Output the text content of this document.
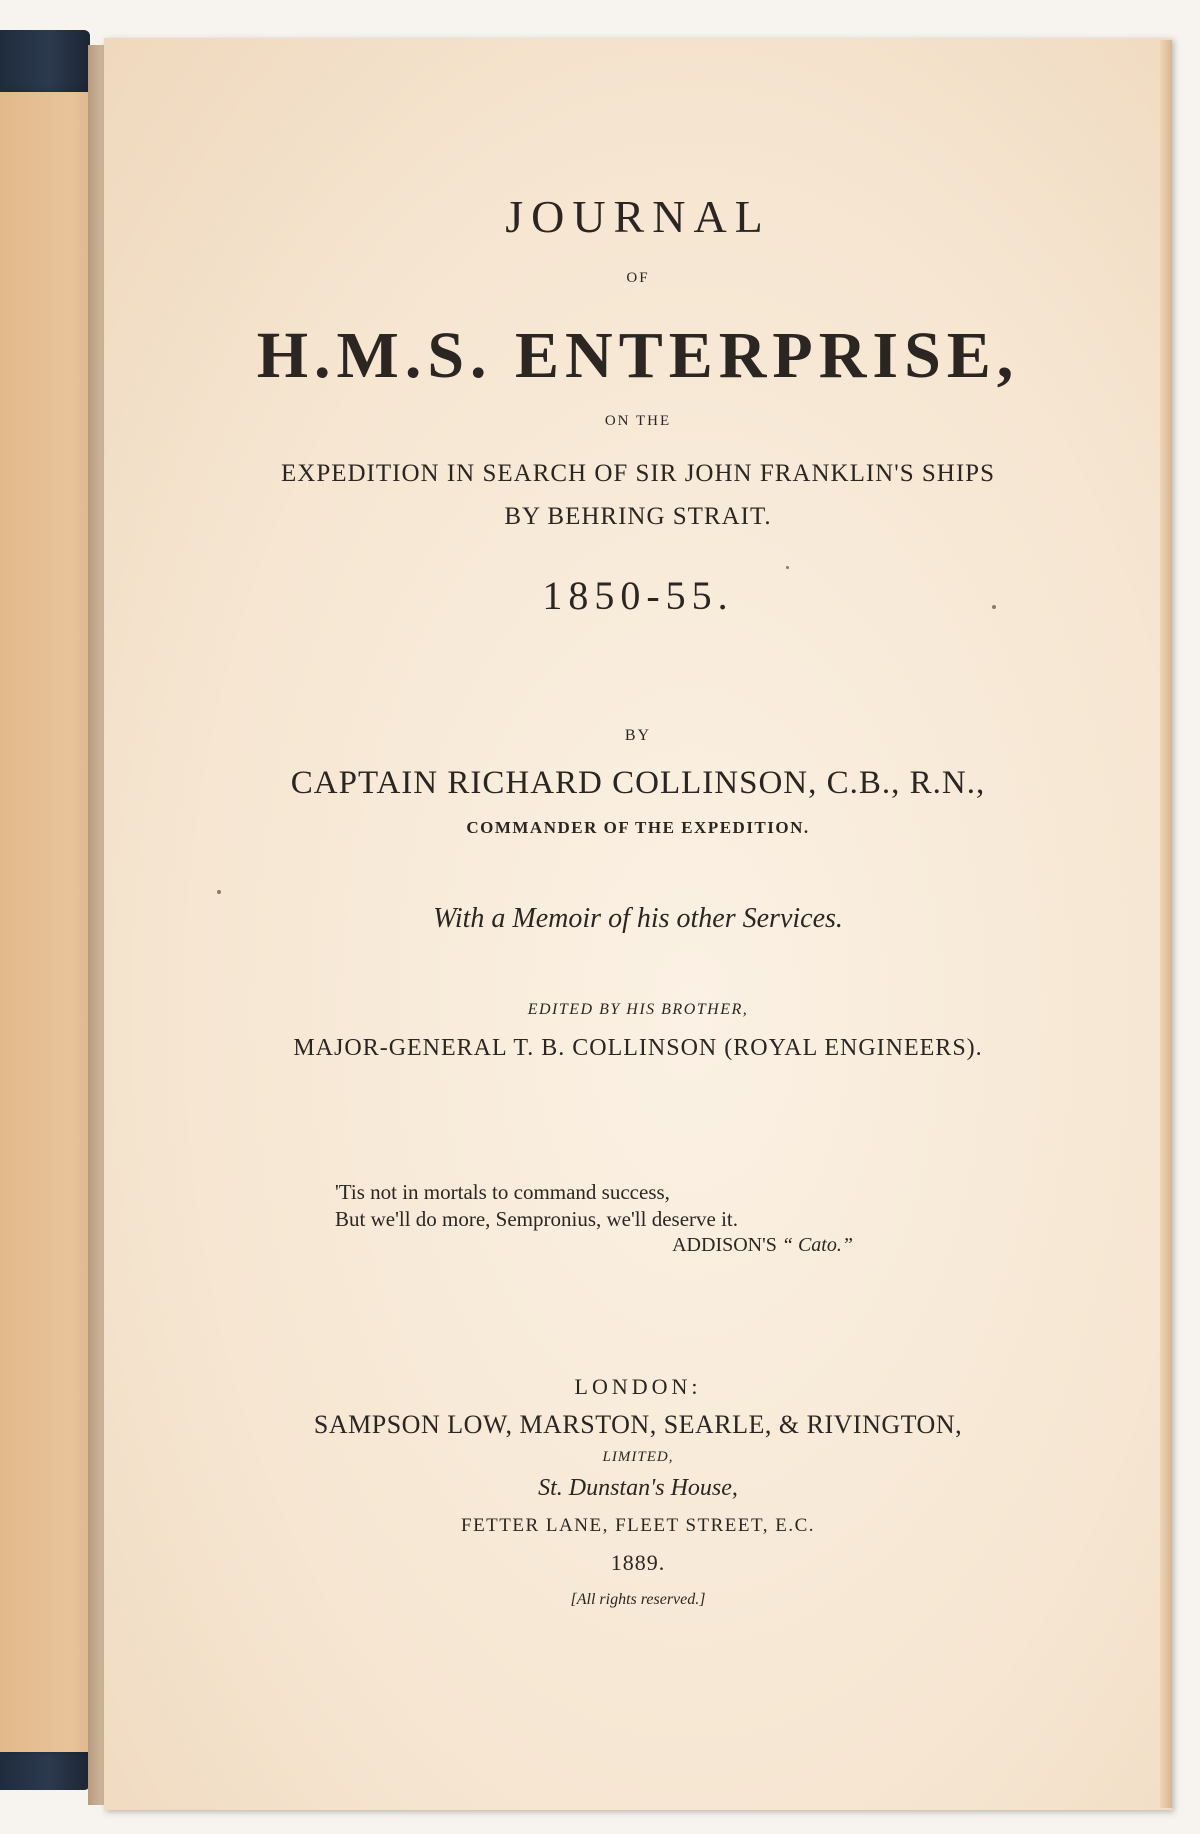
JOURNAL
OF
H.M.S. ENTERPRISE,
ON THE
EXPEDITION IN SEARCH OF SIR JOHN FRANKLIN'S SHIPS
BY BEHRING STRAIT.
1850-55.
BY
CAPTAIN RICHARD COLLINSON, C.B., R.N.,
COMMANDER OF THE EXPEDITION.
With a Memoir of his other Services.
EDITED BY HIS BROTHER,
MAJOR-GENERAL T. B. COLLINSON (ROYAL ENGINEERS).
'Tis not in mortals to command success,
But we'll do more, Sempronius, we'll deserve it.
ADDISON'S “ Cato.”
LONDON:
SAMPSON LOW, MARSTON, SEARLE, & RIVINGTON,
LIMITED,
St. Dunstan's House,
FETTER LANE, FLEET STREET, E.C.
1889.
[All rights reserved.]
